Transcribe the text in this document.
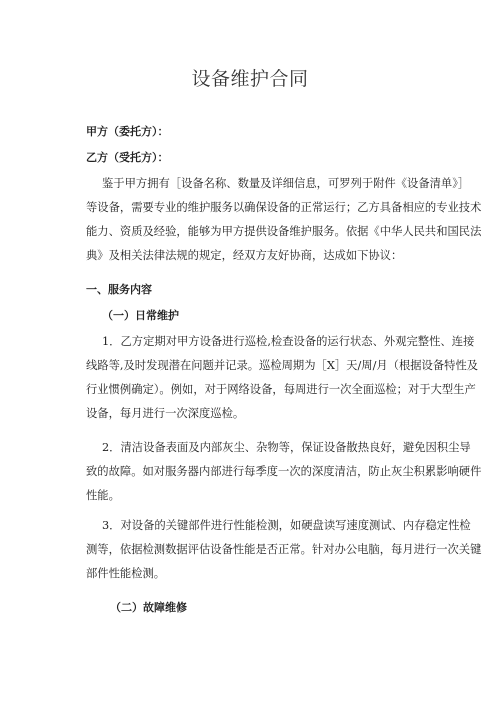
设备维护合同
甲方（委托方）：
乙方（受托方）：
鉴于甲方拥有［设备名称、数量及详细信息，可罗列于附件《设备清单》］
等设备，需要专业的维护服务以确保设备的正常运行；乙方具备相应的专业技术
能力、资质及经验，能够为甲方提供设备维护服务。依据《中华人民共和国民法
典》及相关法律法规的规定，经双方友好协商，达成如下协议：
一、服务内容
（一）日常维护
1．乙方定期对甲方设备进行巡检,检查设备的运行状态、外观完整性、连接
线路等,及时发现潜在问题并记录。巡检周期为［X］天/周/月（根据设备特性及
行业惯例确定）。例如，对于网络设备，每周进行一次全面巡检；对于大型生产
设备，每月进行一次深度巡检。
2．清洁设备表面及内部灰尘、杂物等，保证设备散热良好，避免因积尘导
致的故障。如对服务器内部进行每季度一次的深度清洁，防止灰尘积累影响硬件
性能。
3．对设备的关键部件进行性能检测，如硬盘读写速度测试、内存稳定性检
测等，依据检测数据评估设备性能是否正常。针对办公电脑，每月进行一次关键
部件性能检测。
（二）故障维修
